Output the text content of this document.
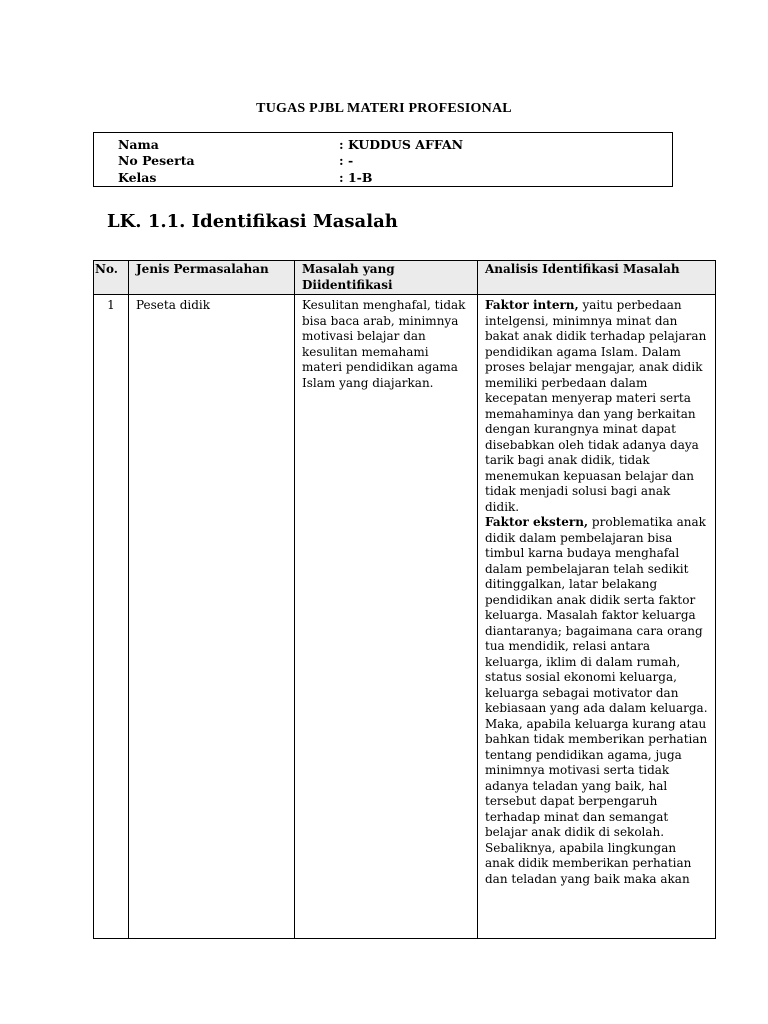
TUGAS PJBL MATERI PROFESIONAL
Nama	: KUDDUS AFFAN
No Peserta	: -
Kelas	: 1-B
LK. 1.1. Identifikasi Masalah
No.	Jenis Permasalahan	Masalah yang Diidentifikasi	Analisis Identifikasi Masalah
1	Peseta didik	Kesulitan menghafal, tidak bisa baca arab, minimnya motivasi belajar dan kesulitan memahami materi pendidikan agama Islam yang diajarkan.	Faktor intern, yaitu perbedaan intelgensi, minimnya minat dan bakat anak didik terhadap pelajaran pendidikan agama Islam. Dalam proses belajar mengajar, anak didik memiliki perbedaan dalam kecepatan menyerap materi serta memahaminya dan yang berkaitan dengan kurangnya minat dapat disebabkan oleh tidak adanya daya tarik bagi anak didik, tidak menemukan kepuasan belajar dan tidak menjadi solusi bagi anak didik.
Faktor ekstern, problematika anak didik dalam pembelajaran bisa timbul karna budaya menghafal dalam pembelajaran telah sedikit ditinggalkan, latar belakang pendidikan anak didik serta faktor keluarga. Masalah faktor keluarga diantaranya; bagaimana cara orang tua mendidik, relasi antara keluarga, iklim di dalam rumah, status sosial ekonomi keluarga, keluarga sebagai motivator dan kebiasaan yang ada dalam keluarga. Maka, apabila keluarga kurang atau bahkan tidak memberikan perhatian tentang pendidikan agama, juga minimnya motivasi serta tidak adanya teladan yang baik, hal tersebut dapat berpengaruh terhadap minat dan semangat belajar anak didik di sekolah. Sebaliknya, apabila lingkungan anak didik memberikan perhatian dan teladan yang baik maka akan
